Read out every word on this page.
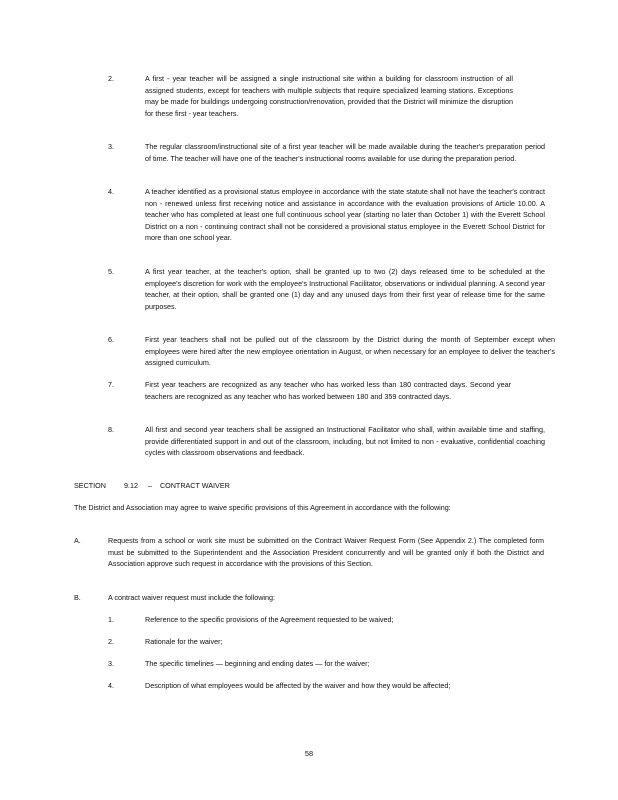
2.	A first - year teacher will be assigned a single instructional site within a building for classroom instruction of all assigned students, except for teachers with multiple subjects that require specialized learning stations. Exceptions may be made for buildings undergoing construction/renovation, provided that the District will minimize the disruption for these first - year teachers.
3.	The regular classroom/instructional site of a first year teacher will be made available during the teacher's preparation period of time. The teacher will have one of the teacher's instructional rooms available for use during the preparation period.
4.	A teacher identified as a provisional status employee in accordance with the state statute shall not have the teacher's contract non - renewed unless first receiving notice and assistance in accordance with the evaluation provisions of Article 10.00. A teacher who has completed at least one full continuous school year (starting no later than October 1) with the Everett School District on a non - continuing contract shall not be considered a provisional status employee in the Everett School District for more than one school year.
5.	A first year teacher, at the teacher's option, shall be granted up to two (2) days released time to be scheduled at the employee's discretion for work with the employee's Instructional Facilitator, observations or individual planning. A second year teacher, at their option, shall be granted one (1) day and any unused days from their first year of release time for the same purposes.
6.	First year teachers shall not be pulled out of the classroom by the District during the month of September except when employees were hired after the new employee orientation in August, or when necessary for an employee to deliver the teacher's assigned curriculum.
7.	First year teachers are recognized as any teacher who has worked less than 180 contracted days. Second year teachers are recognized as any teacher who has worked between 180 and 359 contracted days.
8.	All first and second year teachers shall be assigned an Instructional Facilitator who shall, within available time and staffing, provide differentiated support in and out of the classroom, including, but not limited to non - evaluative, confidential coaching cycles with classroom observations and feedback.
SECTION	9.12 – CONTRACT WAIVER
The District and Association may agree to waive specific provisions of this Agreement in accordance with the following:
A.	Requests from a school or work site must be submitted on the Contract Waiver Request Form (See Appendix 2.) The completed form must be submitted to the Superintendent and the Association President concurrently and will be granted only if both the District and Association approve such request in accordance with the provisions of this Section.
B.	A contract waiver request must include the following:
1.	Reference to the specific provisions of the Agreement requested to be waived;
2.	Rationale for the waiver;
3.	The specific timelines — beginning and ending dates — for the waiver;
4.	Description of what employees would be affected by the waiver and how they would be affected;
58
